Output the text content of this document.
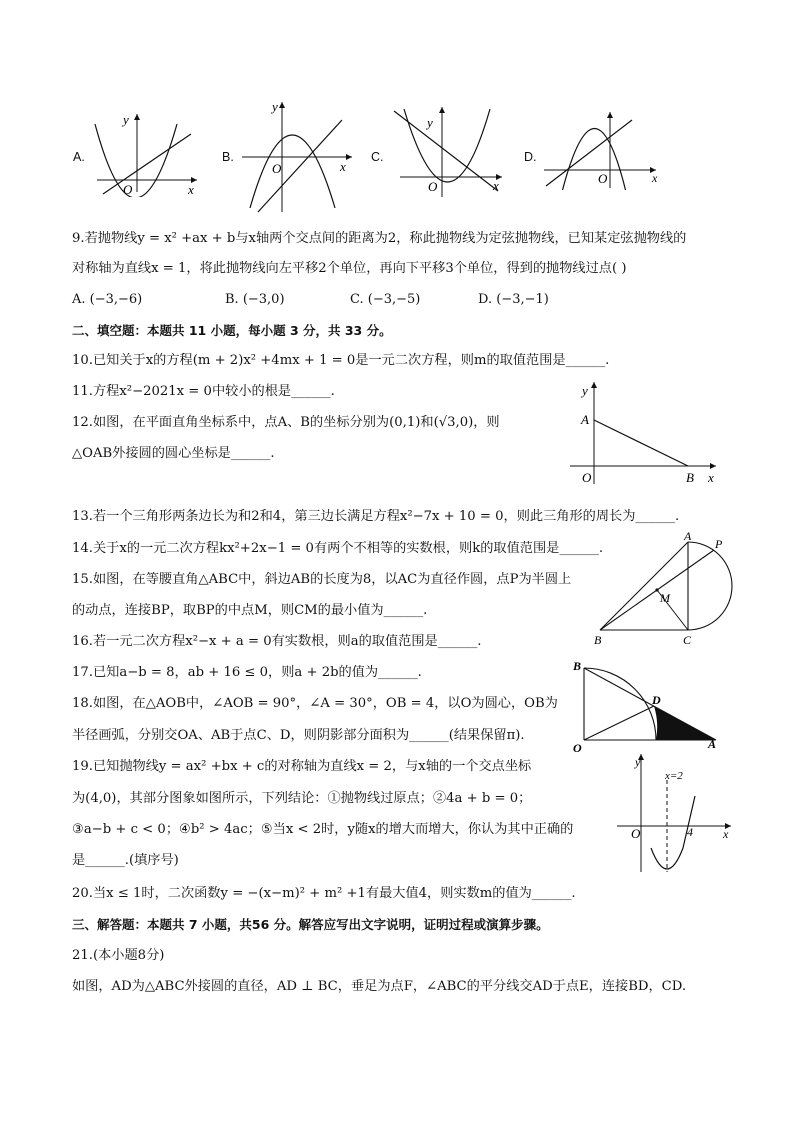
A.
y
x
O
B.
y
x
O
C.
y
x
O
D.
x
O
9.若抛物线y = x² +ax + b与x轴两个交点间的距离为2，称此抛物线为定弦抛物线，已知某定弦抛物线的
对称轴为直线x = 1，将此抛物线向左平移2个单位，再向下平移3个单位，得到的抛物线过点( )
A. (−3,−6)	B. (−3,0)	C. (−3,−5)	D. (−3,−1)
二、填空题：本题共 11 小题，每小题 3 分，共 33 分。
10.已知关于x的方程(m + 2)x² +4mx + 1 = 0是一元二次方程，则m的取值范围是______.
11.方程x²−2021x = 0中较小的根是______.
12.如图，在平面直角坐标系中，点A、B的坐标分别为(0,1)和(√3,0)，则
△OAB外接圆的圆心坐标是______.
y
A
O	B x
13.若一个三角形两条边长为和2和4，第三边长满足方程x²−7x + 10 = 0，则此三角形的周长为______.
14.关于x的一元二次方程kx²+2x−1 = 0有两个不相等的实数根，则k的取值范围是______.
15.如图，在等腰直角△ABC中，斜边AB的长度为8，以AC为直径作圆，点P为半圆上
的动点，连接BP，取BP的中点M，则CM的最小值为______.
A
P
M
B	C
16.若一元二次方程x²−x + a = 0有实数根，则a的取值范围是______.
17.已知a−b = 8，ab + 16 ≤ 0，则a + 2b的值为______.
18.如图，在△AOB中，∠AOB = 90°，∠A = 30°，OB = 4，以O为圆心，OB为
半径画弧，分别交OA、AB于点C、D，则阴影部分面积为______(结果保留π).
B
D
O	A
19.已知抛物线y = ax² +bx + c的对称轴为直线x = 2，与x轴的一个交点坐标
为(4,0)，其部分图象如图所示，下列结论：①抛物线过原点；②4a + b = 0；
③a−b + c < 0；④b² > 4ac；⑤当x < 2时，y随x的增大而增大，你认为其中正确的
是______.(填序号)
y
x=2
O	4	x
20.当x ≤ 1时，二次函数y = −(x−m)² + m² +1有最大值4，则实数m的值为______.
三、解答题：本题共 7 小题，共56 分。解答应写出文字说明，证明过程或演算步骤。
21.(本小题8分)
如图，AD为△ABC外接圆的直径，AD ⊥ BC，垂足为点F，∠ABC的平分线交AD于点E，连接BD，CD.
